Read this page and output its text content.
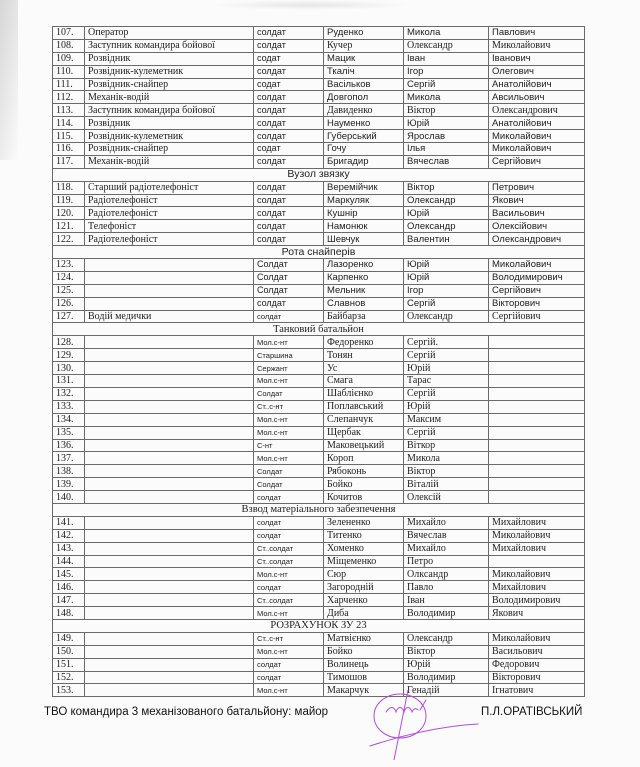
107.	Оператор	солдат	Руденко	Микола	Павлович
108.	Заступник командира бойової	солдат	Кучер	Олександр	Миколайович
109.	Розвідник	содат	Мацик	Іван	Іванович
110.	Розвідник-кулеметник	солдат	Ткаліч	Ігор	Олегович
111.	Розвідник-снайпер	содат	Васільков	Сергій	Анатолійович
112.	Механік-водій	солдат	Довгопол	Микола	Авсильович
113.	Заступник командира бойової	солдат	Давиденко	Віктор	Олександрович
114.	Розвідник	солдат	Науменко	Юрій	Анатолійович
115.	Розвідник-кулеметник	солдат	Губерський	Ярослав	Миколайович
116.	Розвідник-снайпер	содат	Гочу	Ілья	Миколайович
117.	Механік-водій	солдат	Бригадир	Вячеслав	Сергійович
Вузол звязку					
118.	Старший радіотелефоніст	солдат	Веремійчик	Віктор	Петрович
119.	Радіотелефоніст	солдат	Маркуляк	Олександр	Якович
120.	Радіотелефоніст	солдат	Кушнір	Юрій	Васильович
121.	Телефоніст	солдат	Намонюк	Олександр	Олексійович
122.	Радіотелефоніст	солдат	Шевчук	Валентин	Олександрович
Рота снайперів					
123.		Солдат	Лазоренко	Юрій	Миколайович
124.		Солдат	Карпенко	Юрій	Володимирович
125.		Солдат	Мельник	Ігор	Сергійович
126.		солдат	Славнов	Сергій	Вікторович
127.	Водій медички	солдат	Байбарза	Олександр	Сергійович
Танковий батальйон					
128.		Мол.с-нт	Федоренко	Сергій.	
129.		Старшина	Тонян	Сергій	
130.		Сержант	Ус	Юрій	
131.		Мол.с-нт	Смага	Тарас	
132.		Солдат	Шаблієнко	Сергій	
133.		Ст..с-нт	Поплавський	Юрій	
134.		Мол.с-нт	Слепанчук	Максим	
135.		Мол.с-нт	Щербак	Сергій	
136.		С-нт	Маковецький	Віткор	
137.		Мол.с-нт	Короп	Микола	
138.		Солдат	Рябоконь	Віктор	
139.		Солдат	Бойко	Віталій	
140.		солдат	Кочитов	Олексій	
Взвод матеріального забезпечення					
141.		солдат	Зелененко	Михайло	Михайлович
142.		солдат	Титенко	Вячеслав	Миколайович
143.		Ст..солдат	Хоменко	Михайло	Михайлович
144.		Ст..солдат	Міщеменко	Петро	
145.		Мол.с-нт	Сюр	Олксандр	Миколайович
146.		солдат	Загородній	Павло	Михайлович
147.		Ст..солдат	Харченко	Іван	Володимирович
148.		Мол.с-нт	Диба	Володимир	Якович
РОЗРАХУНОК ЗУ 23					
149.		Ст..с-нт	Матвієнко	Олександр	Миколайович
150.		Мол.с-нт	Бойко	Віктор	Васильович
151.		солдат	Волинець	Юрій	Федорович
152.		солдат	Тимошов	Володимир	Вікторович
153.		Мол.с-нт	Макарчук	Генадій	Ігнатович
ТВО командира 3 механізованого батальйону: майор	П.Л.ОРАТІВСЬКИЙ
